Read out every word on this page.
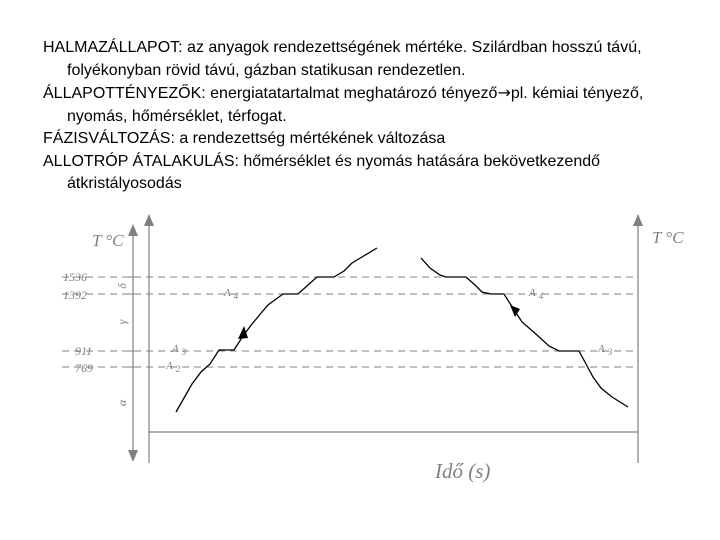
HALMAZÁLLAPOT: az anyagok rendezettségének mértéke. Szilárdban hosszú távú, folyékonyban rövid távú, gázban statikusan rendezetlen.

ÁLLAPOTTÉNYEZŐK: energiatatartalmat meghatározó tényező→pl. kémiai tényező, nyomás, hőmérséklet, térfogat.

FÁZISVÁLTOZÁS: a rendezettség mértékének változása

ALLOTRÓP ÁTALAKULÁS: hőmérséklet és nyomás hatására bekövetkezendő átkristályosodás

T °C	T °C
Idő (s)
1536
1392
911
769
δ
γ
α
A $_4$
A $_3$
A $_2$
A $_4$
A $_3$
